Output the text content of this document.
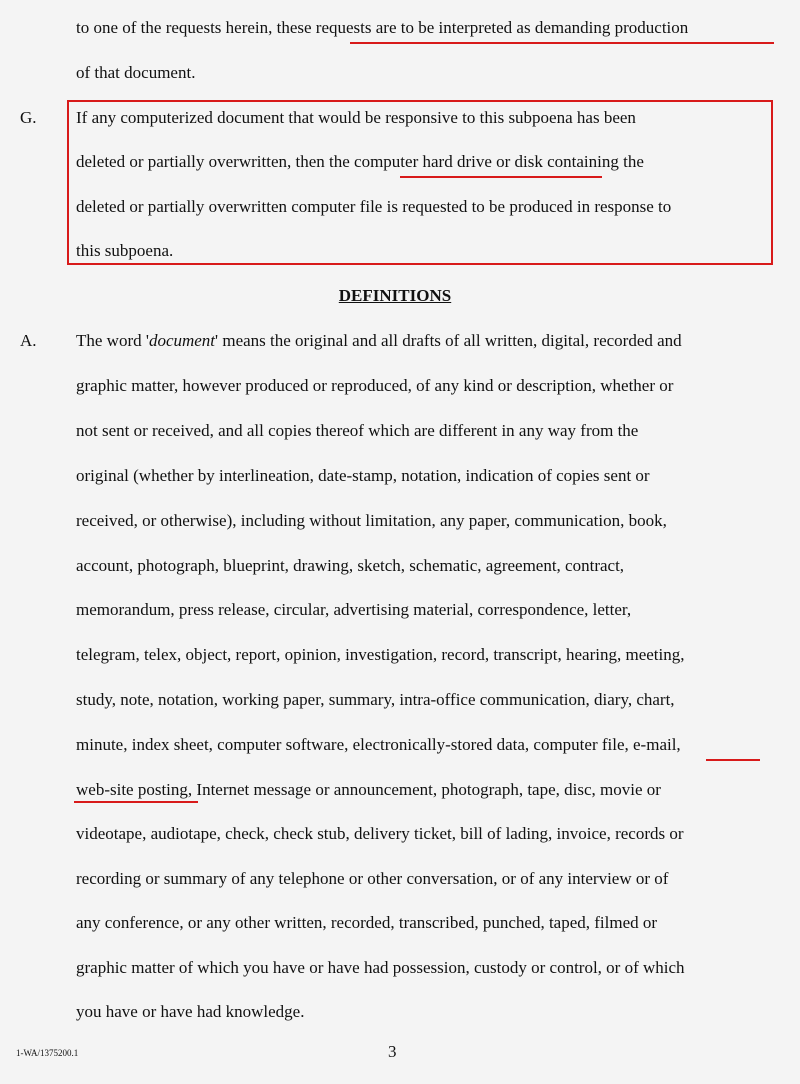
to one of the requests herein, these requests are to be interpreted as demanding production
of that document.
G. If any computerized document that would be responsive to this subpoena has been
deleted or partially overwritten, then the computer hard drive or disk containing the
deleted or partially overwritten computer file is requested to be produced in response to
this subpoena.
DEFINITIONS
A. The word 'document' means the original and all drafts of all written, digital, recorded and
graphic matter, however produced or reproduced, of any kind or description, whether or
not sent or received, and all copies thereof which are different in any way from the
original (whether by interlineation, date-stamp, notation, indication of copies sent or
received, or otherwise), including without limitation, any paper, communication, book,
account, photograph, blueprint, drawing, sketch, schematic, agreement, contract,
memorandum, press release, circular, advertising material, correspondence, letter,
telegram, telex, object, report, opinion, investigation, record, transcript, hearing, meeting,
study, note, notation, working paper, summary, intra-office communication, diary, chart,
minute, index sheet, computer software, electronically-stored data, computer file, e-mail,
web-site posting, Internet message or announcement, photograph, tape, disc, movie or
videotape, audiotape, check, check stub, delivery ticket, bill of lading, invoice, records or
recording or summary of any telephone or other conversation, or of any interview or of
any conference, or any other written, recorded, transcribed, punched, taped, filmed or
graphic matter of which you have or have had possession, custody or control, or of which
you have or have had knowledge.
1-WA/1375200.1	3
